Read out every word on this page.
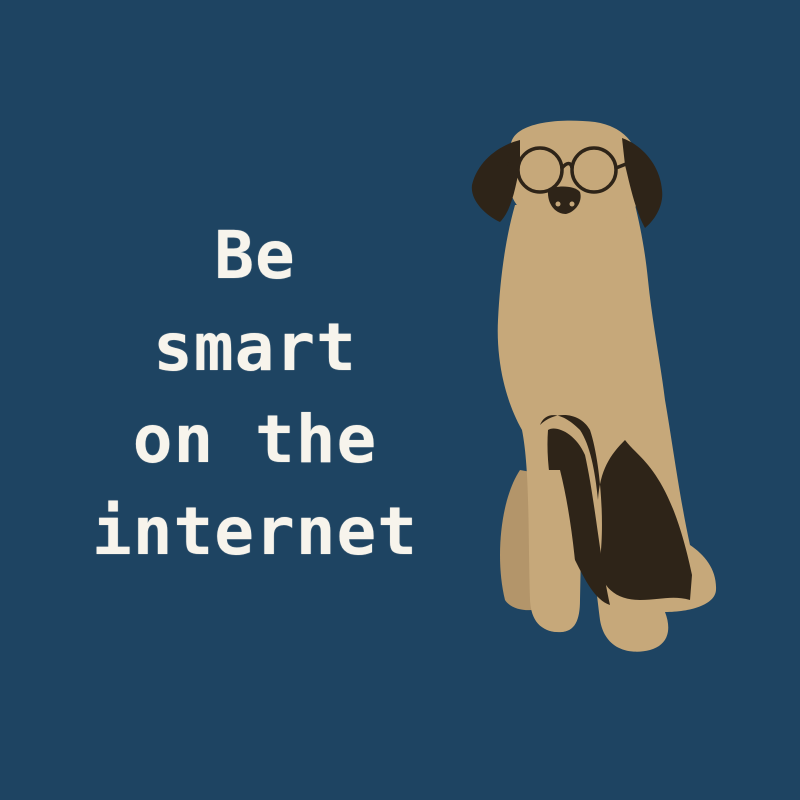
Be
smart
on the
internet
